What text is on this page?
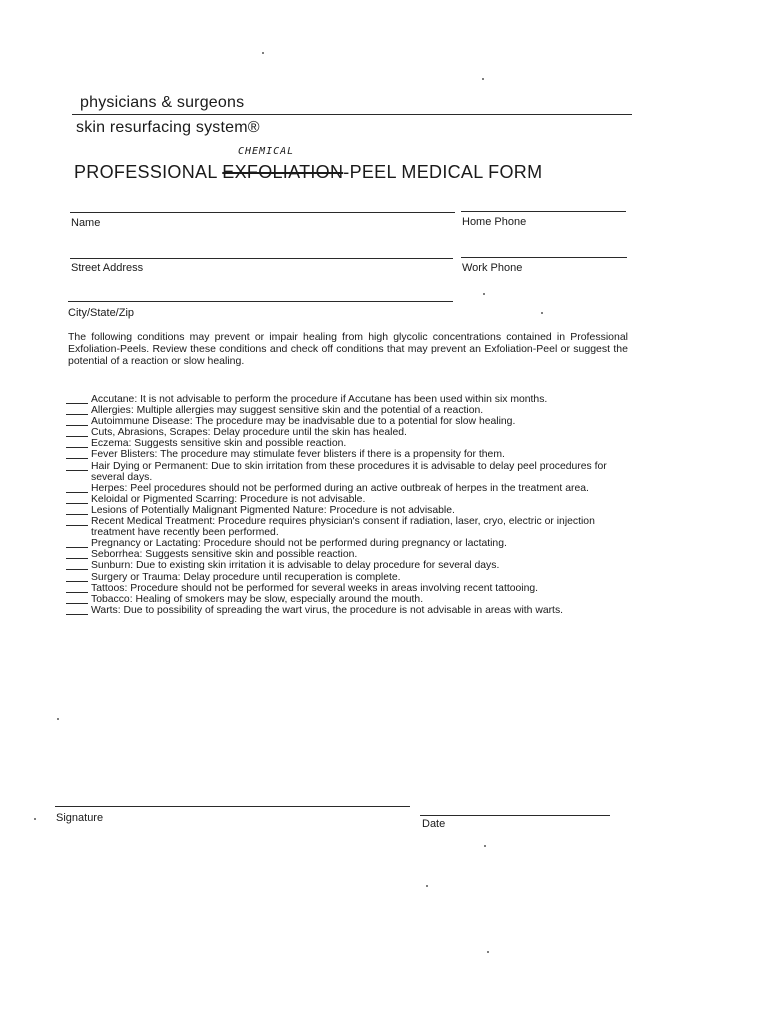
physicians & surgeons
skin resurfacing system®
CHEMICAL
PROFESSIONAL EXFOLIATION-PEEL MEDICAL FORM
Name	Home Phone
Street Address	Work Phone
City/State/Zip

The following conditions may prevent or impair healing from high glycolic concentrations contained in Professional Exfoliation-Peels. Review these conditions and check off conditions that may prevent an Exfoliation-Peel or suggest the potential of a reaction or slow healing.

Accutane: It is not advisable to perform the procedure if Accutane has been used within six months.
Allergies: Multiple allergies may suggest sensitive skin and the potential of a reaction.
Autoimmune Disease: The procedure may be inadvisable due to a potential for slow healing.
Cuts, Abrasions, Scrapes: Delay procedure until the skin has healed.
Eczema: Suggests sensitive skin and possible reaction.
Fever Blisters: The procedure may stimulate fever blisters if there is a propensity for them.
Hair Dying or Permanent: Due to skin irritation from these procedures it is advisable to delay peel procedures for several days.
Herpes: Peel procedures should not be performed during an active outbreak of herpes in the treatment area.
Keloidal or Pigmented Scarring: Procedure is not advisable.
Lesions of Potentially Malignant Pigmented Nature: Procedure is not advisable.
Recent Medical Treatment: Procedure requires physician's consent if radiation, laser, cryo, electric or injection treatment have recently been performed.
Pregnancy or Lactating: Procedure should not be performed during pregnancy or lactating.
Seborrhea: Suggests sensitive skin and possible reaction.
Sunburn: Due to existing skin irritation it is advisable to delay procedure for several days.
Surgery or Trauma: Delay procedure until recuperation is complete.
Tattoos: Procedure should not be performed for several weeks in areas involving recent tattooing.
Tobacco: Healing of smokers may be slow, especially around the mouth.
Warts: Due to possibility of spreading the wart virus, the procedure is not advisable in areas with warts.
Signature	Date
